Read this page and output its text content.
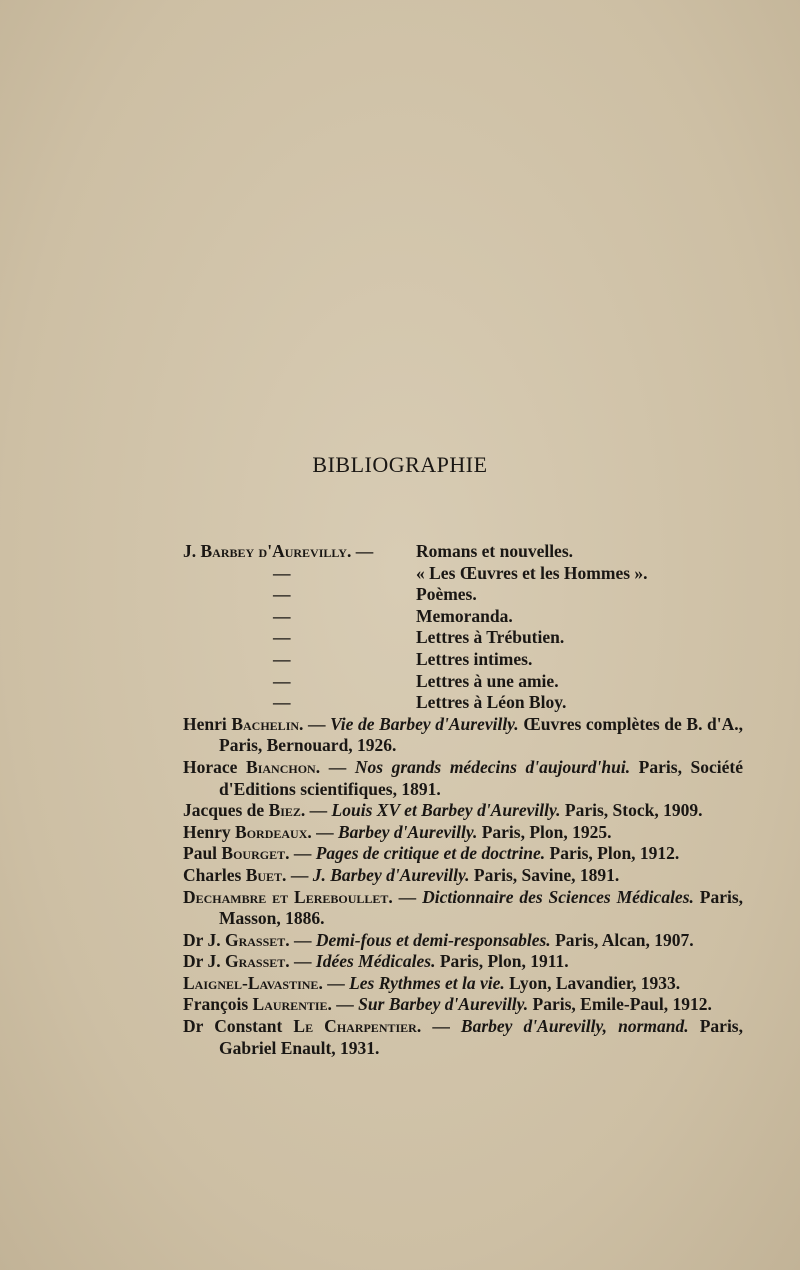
BIBLIOGRAPHIE
J. Barbey d'Aurevilly. —	Romans et nouvelles.
—	« Les Œuvres et les Hommes ».
—	Poèmes.
—	Memoranda.
—	Lettres à Trébutien.
—	Lettres intimes.
—	Lettres à une amie.
—	Lettres à Léon Bloy.
Henri Bachelin. — Vie de Barbey d'Aurevilly. Œuvres complètes de B. d'A., Paris, Bernouard, 1926.
Horace Bianchon. — Nos grands médecins d'aujourd'hui. Paris, Société d'Editions scientifiques, 1891.
Jacques de Biez. — Louis XV et Barbey d'Aurevilly. Paris, Stock, 1909.
Henry Bordeaux. — Barbey d'Aurevilly. Paris, Plon, 1925.
Paul Bourget. — Pages de critique et de doctrine. Paris, Plon, 1912.
Charles Buet. — J. Barbey d'Aurevilly. Paris, Savine, 1891.
Dechambre et Lereboullet. — Dictionnaire des Sciences Médicales. Paris, Masson, 1886.
Dr J. Grasset. — Demi-fous et demi-responsables. Paris, Alcan, 1907.
Dr J. Grasset. — Idées Médicales. Paris, Plon, 1911.
Laignel-Lavastine. — Les Rythmes et la vie. Lyon, Lavandier, 1933.
François Laurentie. — Sur Barbey d'Aurevilly. Paris, Emile-Paul, 1912.
Dr Constant Le Charpentier. — Barbey d'Aurevilly, normand. Paris, Gabriel Enault, 1931.
